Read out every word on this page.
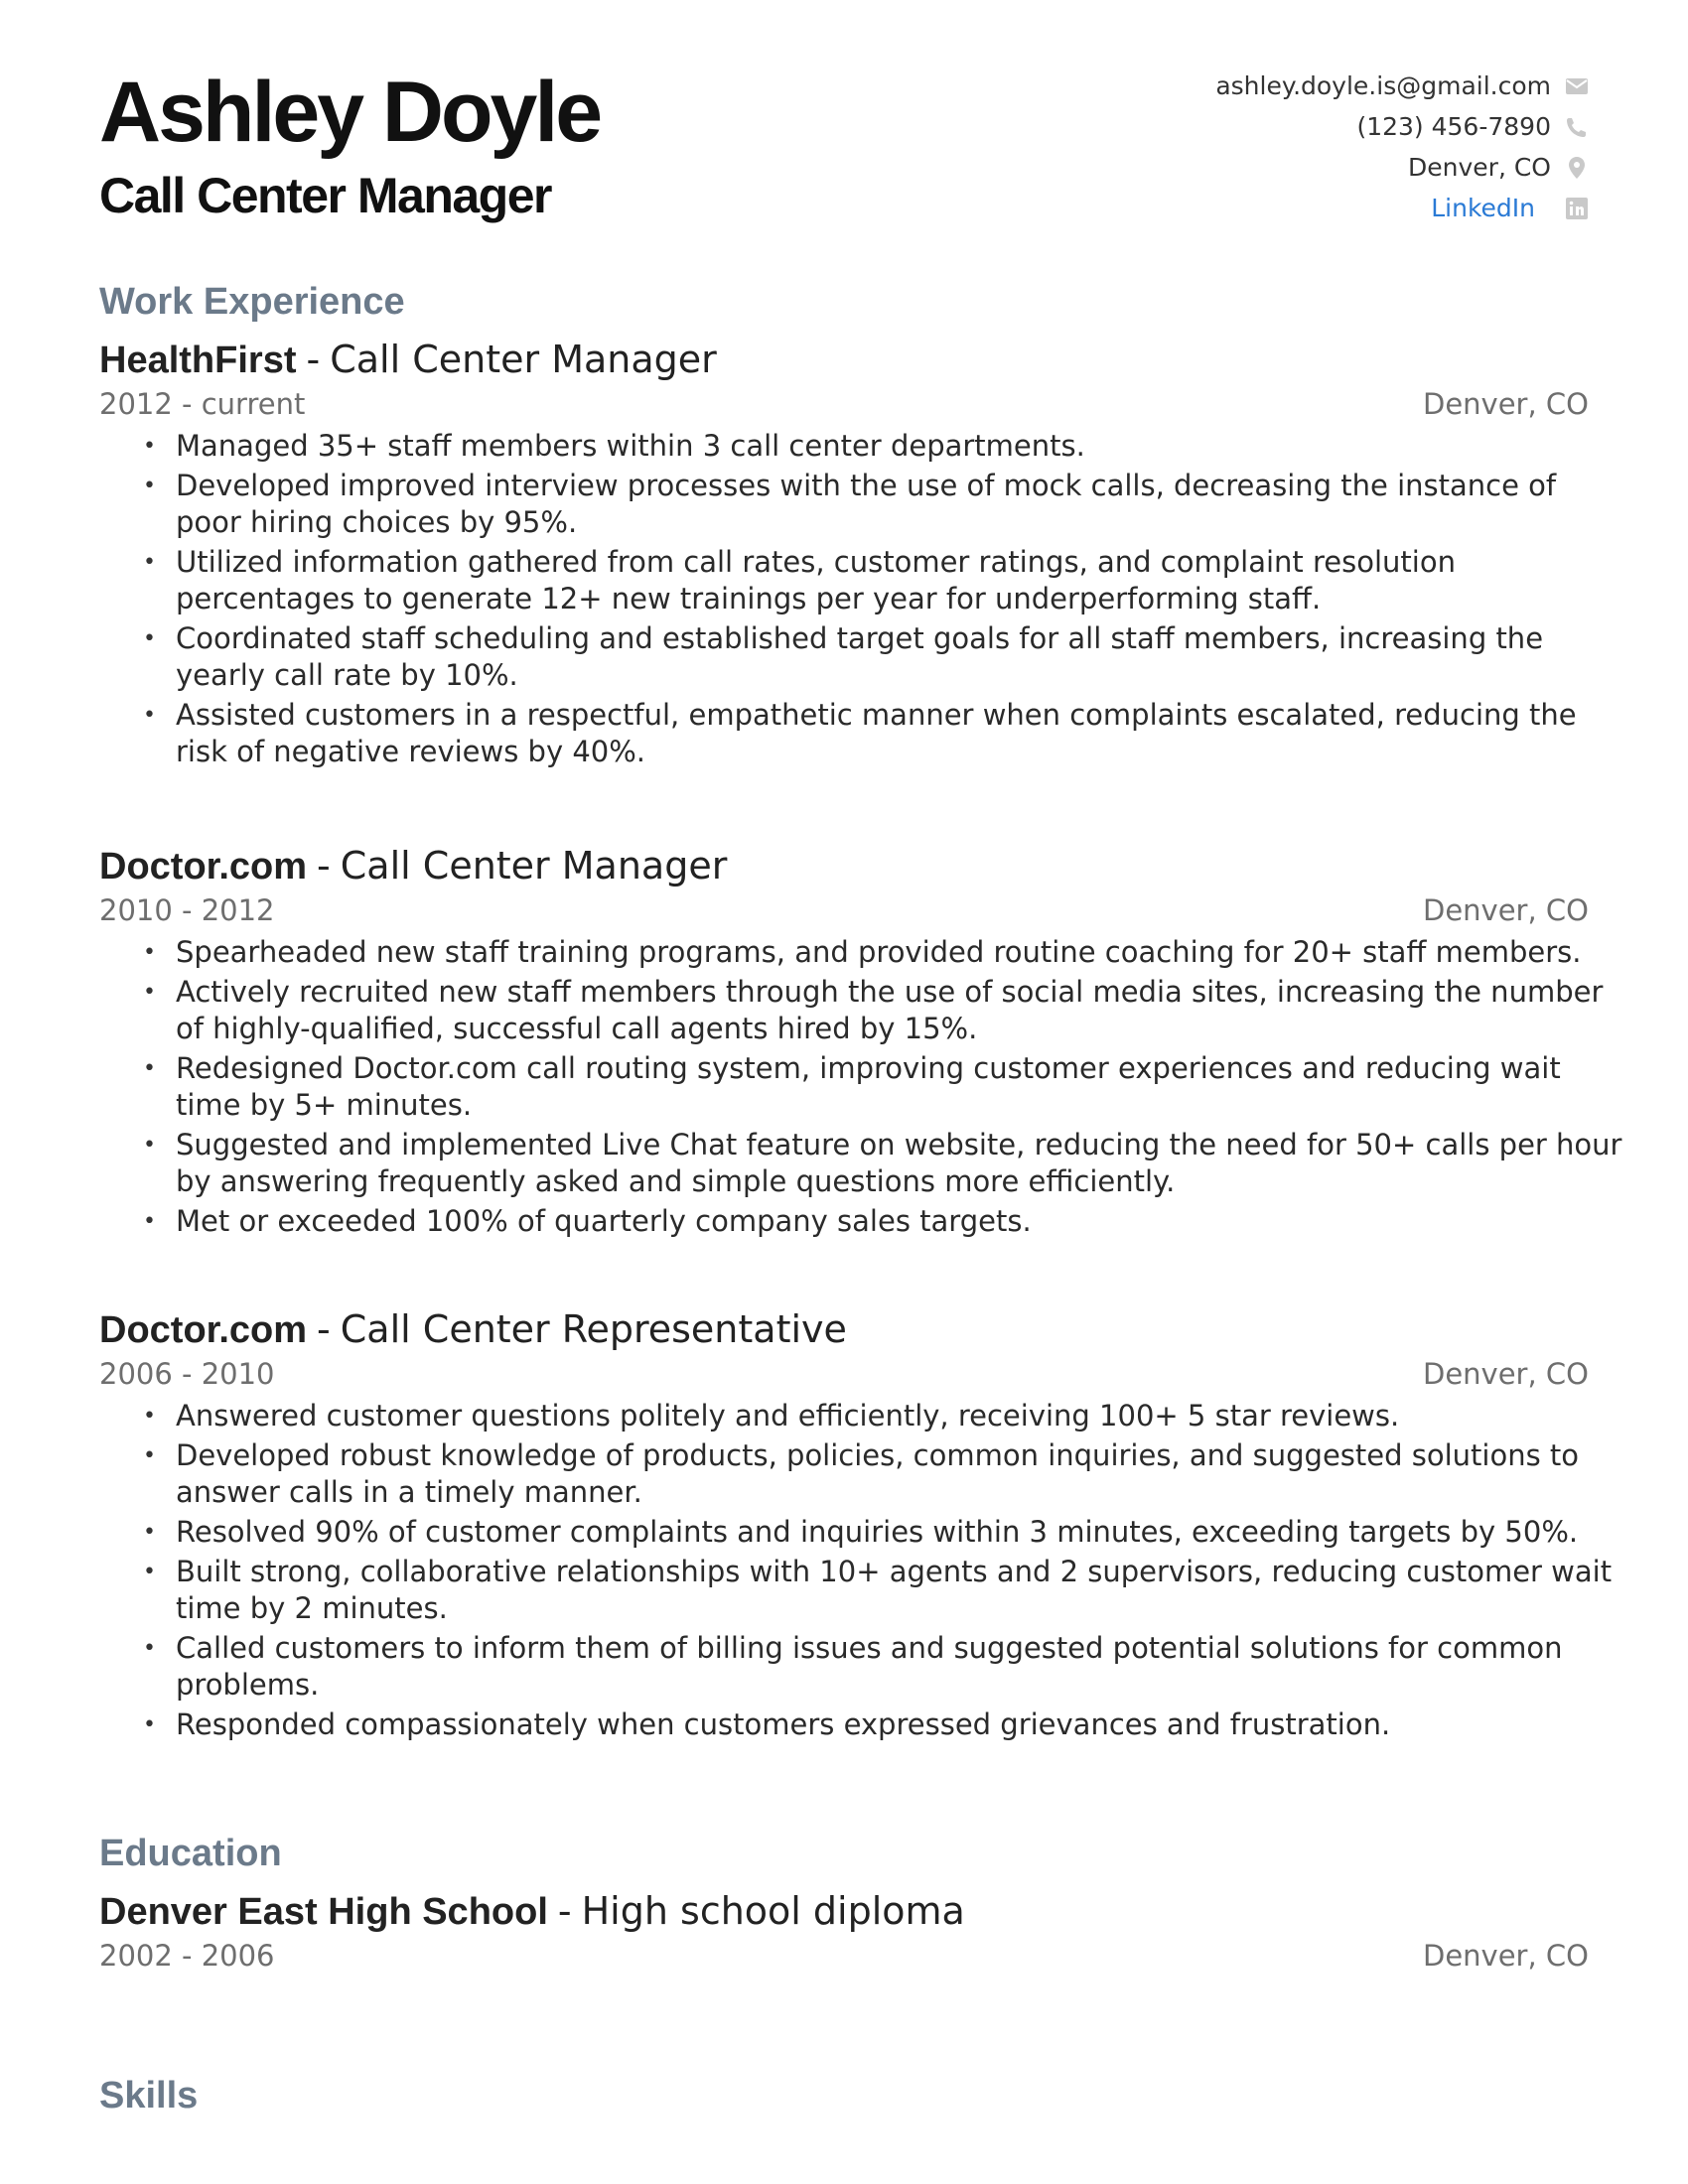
Ashley Doyle
Call Center Manager
ashley.doyle.is@gmail.com
(123) 456-7890
Denver, CO
LinkedIn
Work Experience
HealthFirst - Call Center Manager
2012 - current	Denver, CO
• Managed 35+ staff members within 3 call center departments.
• Developed improved interview processes with the use of mock calls, decreasing the instance of
poor hiring choices by 95%.
• Utilized information gathered from call rates, customer ratings, and complaint resolution
percentages to generate 12+ new trainings per year for underperforming staff.
• Coordinated staff scheduling and established target goals for all staff members, increasing the
yearly call rate by 10%.
• Assisted customers in a respectful, empathetic manner when complaints escalated, reducing the
risk of negative reviews by 40%.
Doctor.com - Call Center Manager
2010 - 2012	Denver, CO
• Spearheaded new staff training programs, and provided routine coaching for 20+ staff members.
• Actively recruited new staff members through the use of social media sites, increasing the number
of highly-qualified, successful call agents hired by 15%.
• Redesigned Doctor.com call routing system, improving customer experiences and reducing wait
time by 5+ minutes.
• Suggested and implemented Live Chat feature on website, reducing the need for 50+ calls per hour
by answering frequently asked and simple questions more efficiently.
• Met or exceeded 100% of quarterly company sales targets.
Doctor.com - Call Center Representative
2006 - 2010	Denver, CO
• Answered customer questions politely and efficiently, receiving 100+ 5 star reviews.
• Developed robust knowledge of products, policies, common inquiries, and suggested solutions to
answer calls in a timely manner.
• Resolved 90% of customer complaints and inquiries within 3 minutes, exceeding targets by 50%.
• Built strong, collaborative relationships with 10+ agents and 2 supervisors, reducing customer wait
time by 2 minutes.
• Called customers to inform them of billing issues and suggested potential solutions for common
problems.
• Responded compassionately when customers expressed grievances and frustration.
Education
Denver East High School - High school diploma
2002 - 2006	Denver, CO
Skills
